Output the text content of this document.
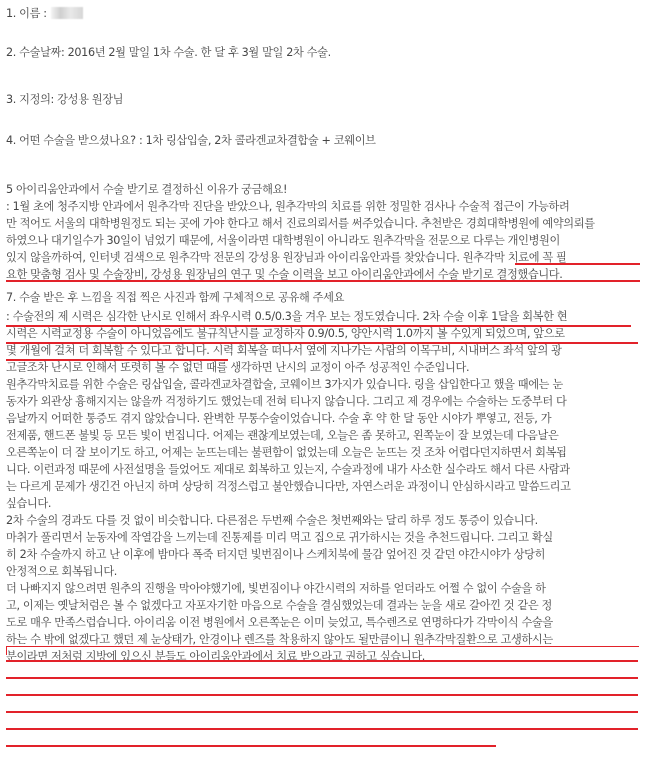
1. 이름 :
2. 수술날짜: 2016년 2월 말일 1차 수술. 한 달 후 3월 말일 2차 수술.
3. 지정의: 강성용 원장님
4. 어떤 수술을 받으셨나요? : 1차 링삽입술, 2차 콜라겐교차결합술 + 코웨이브
5 아이리움안과에서 수술 받기로 결정하신 이유가 궁금해요!
: 1월 초에 청주지방 안과에서 원추각막 진단을 받았으나, 원추각막의 치료를 위한 정밀한 검사나 수술적 접근이 가능하려
만 적어도 서울의 대학병원정도 되는 곳에 가야 한다고 해서 진료의뢰서를 써주었습니다. 추천받은 경희대학병원에 예약의뢰를
하였으나 대기일수가 30일이 넘었기 때문에, 서울이라면 대학병원이 아니라도 원추각막을 전문으로 다루는 개인병원이
있지 않을까하여, 인터넷 검색으로 원추각막 전문의 강성용 원장님과 아이리움안과를 찾았습니다. 원추각막 치료에 꼭 필
요한 맞춤형 검사 및 수술장비, 강성용 원장님의 연구 및 수술 이력을 보고 아이리움안과에서 수술 받기로 결정했습니다.
7. 수술 받은 후 느낌을 직접 찍은 사진과 함께 구체적으로 공유해 주세요
: 수술전의 제 시력은 심각한 난시로 인해서 좌우시력 0.5/0.3을 겨우 보는 정도였습니다. 2차 수술 이후 1달을 회복한 현
시력은 시력교정용 수술이 아니었음에도 불규칙난시를 교정하자 0.9/0.5, 양안시력 1.0까지 볼 수있게 되었으며, 앞으로
몇 개월에 걸쳐 더 회복할 수 있다고 합니다. 시력 회복을 떠나서 옆에 지나가는 사람의 이목구비, 시내버스 좌석 앞의 광
고글조차 난시로 인해서 또렷히 볼 수 없던 때를 생각하면 난시의 교정이 아주 성공적인 수준입니다.
원추각막치료를 위한 수술은 링삽입술, 콜라겐교차결합술, 코웨이브 3가지가 있습니다. 링을 삽입한다고 했을 때에는 눈
동자가 외관상 흉해지지는 않을까 걱정하기도 했었는데 전혀 티나지 않습니다. 그리고 제 경우에는 수술하는 도중부터 다
음날까지 어떠한 통증도 겪지 않았습니다. 완벽한 무통수술이었습니다. 수술 후 약 한 달 동안 시야가 뿌옇고, 전등, 가
전제품, 핸드폰 불빛 등 모든 빛이 번집니다. 어제는 괜찮게보였는데, 오늘은 좀 못하고, 왼쪽눈이 잘 보였는데 다음날은
오른쪽눈이 더 잘 보이기도 하고, 어제는 눈뜨는데는 불편함이 없었는데 오늘은 눈뜨는 것 조차 어렵다던지하면서 회복됩
니다. 이런과정 때문에 사전설명을 들었어도 제대로 회복하고 있는지, 수술과정에 내가 사소한 실수라도 해서 다른 사람과
는 다르게 문제가 생긴건 아닌지 하며 상당히 걱정스럽고 불안했습니다만, 자연스러운 과정이니 안심하시라고 말씀드리고
싶습니다.
2차 수술의 경과도 다를 것 없이 비슷합니다. 다른점은 두번째 수술은 첫번째와는 달리 하루 정도 통증이 있습니다.
마취가 풀리면서 눈동자에 작열감을 느끼는데 진통제를 미리 먹고 집으로 귀가하시는 것을 추천드립니다. 그리고 확실
히 2차 수술까지 하고 난 이후에 밤마다 폭죽 터지던 빛번짐이나 스케치북에 물감 엎어진 것 같던 야간시야가 상당히
안정적으로 회복됩니다.
더 나빠지지 않으려면 원추의 진행을 막아야했기에, 빛번짐이나 야간시력의 저하를 얻더라도 어쩔 수 없이 수술을 하
고, 이제는 옛날처럼은 볼 수 없겠다고 자포자기한 마음으로 수술을 결심했었는데 결과는 눈을 새로 갈아낀 것 같은 정
도로 매우 만족스럽습니다. 아이리움 이전 병원에서 오른쪽눈은 이미 늦었고, 특수렌즈로 연명하다가 각막이식 수술을
하는 수 밖에 없겠다고 했던 제 눈상태가, 안경이나 렌즈를 착용하지 않아도 될만큼이니 원추각막질환으로 고생하시는
분이라면 저처럼 지방에 있으신 분들도 아이리움안과에서 치료 받으라고 권하고 싶습니다.
